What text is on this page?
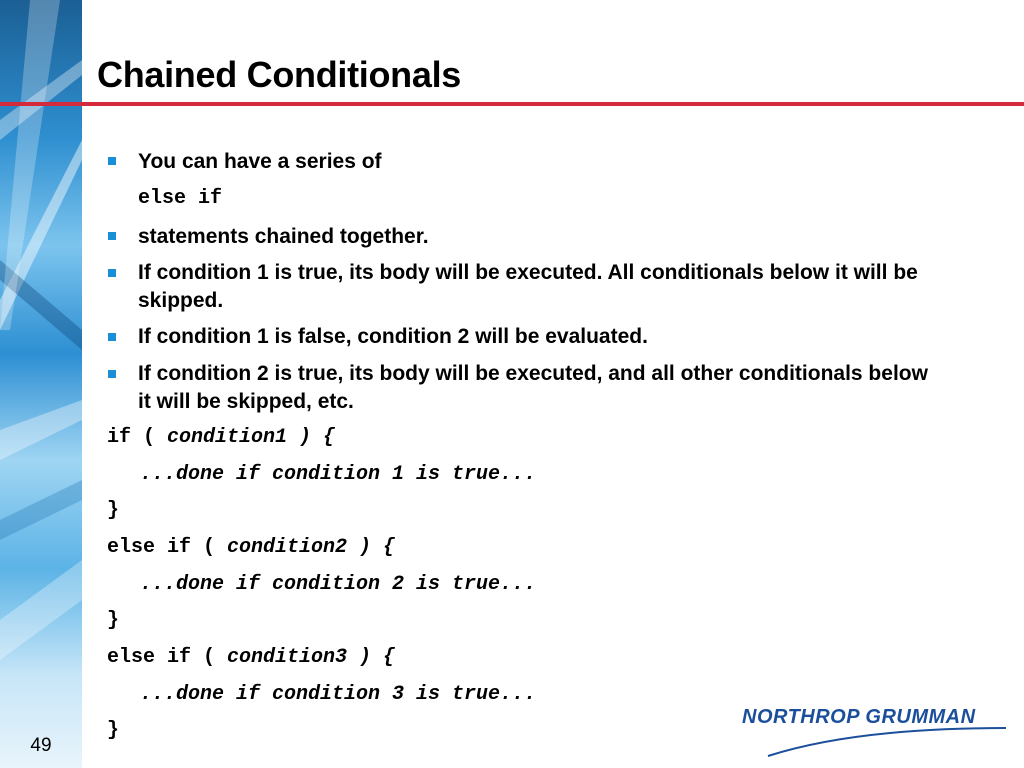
Chained Conditionals
You can have a series of
else if
statements chained together.
If condition 1 is true, its body will be executed. All conditionals below it will be skipped.
If condition 1 is false, condition 2 will be evaluated.
If condition 2 is true, its body will be executed, and all other conditionals below it will be skipped, etc.
if ( condition1 ) {
...done if condition 1 is true...
}
else if ( condition2 ) {
...done if condition 2 is true...
}
else if ( condition3 ) {
...done if condition 3 is true...
}
49
NORTHROP GRUMMAN
